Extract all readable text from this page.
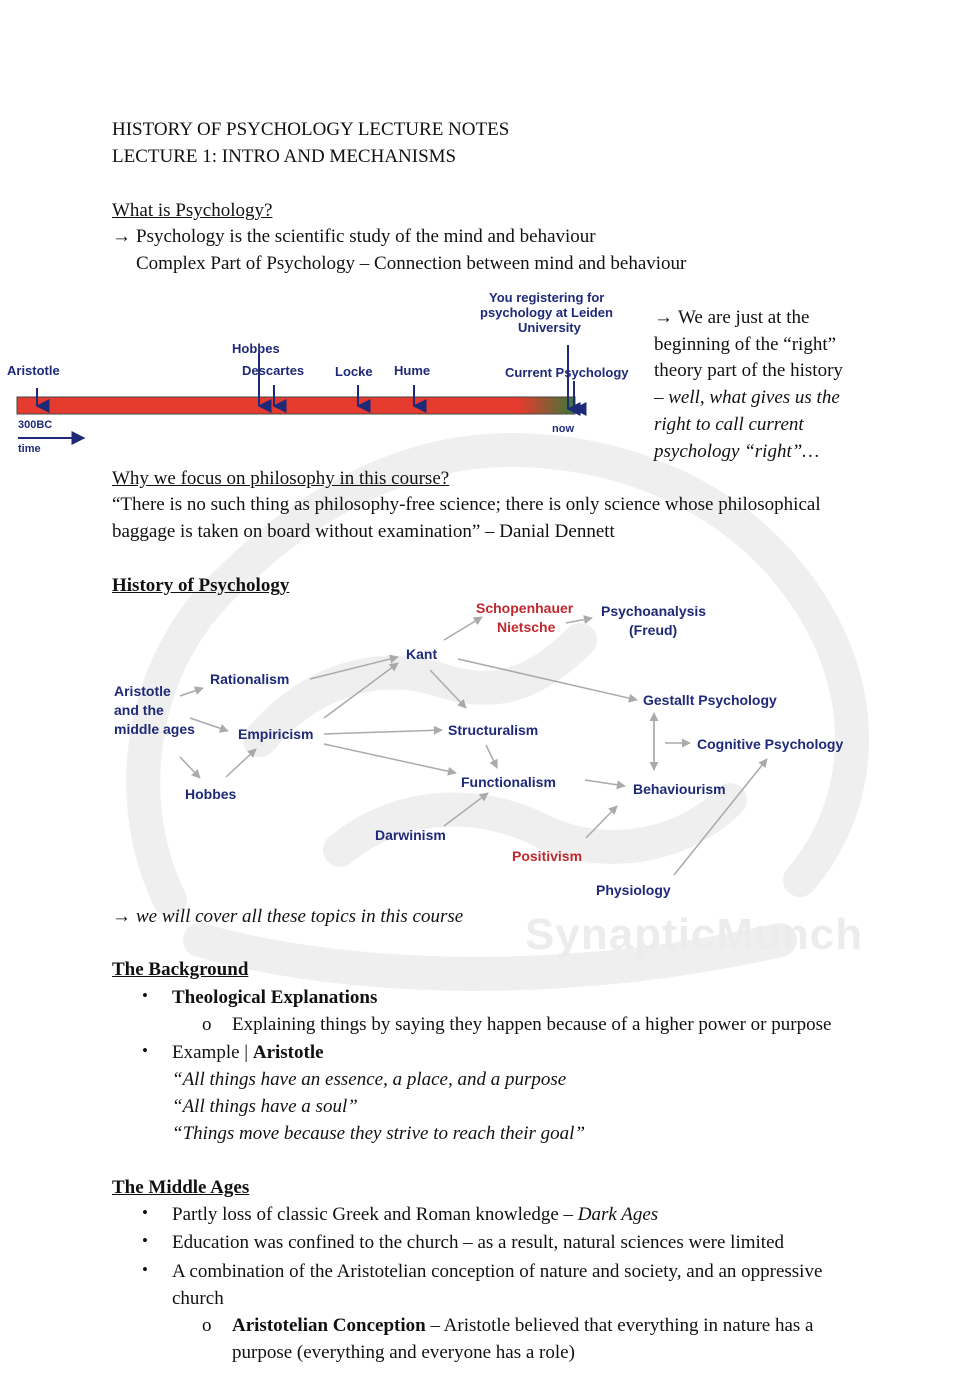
SynapticMunch
HISTORY OF PSYCHOLOGY LECTURE NOTES
LECTURE 1: INTRO AND MECHANISMS
What is Psychology?
→ Psychology is the scientific study of the mind and behaviour
Complex Part of Psychology – Connection between mind and behaviour
Aristotle
Hobbes
Descartes Locke Hume
You registering for
psychology at Leiden
University
Current Psychology
300BC	now
time
→ We are just at the
beginning of the “right”
theory part of the history
– well, what gives us the
right to call current
psychology “right”…
Why we focus on philosophy in this course?
“There is no such thing as philosophy-free science; there is only science whose philosophical
baggage is taken on board without examination” – Danial Dennett
History of Psychology
Aristotle
and the
middle ages
Rationalism
Empiricism
Hobbes
Kant
Schopenhauer
Nietsche
Psychoanalysis
(Freud)
Gestallt Psychology
Cognitive Psychology
Structuralism
Functionalism	Behaviourism
Darwinism
Positivism
Physiology
→ we will cover all these topics in this course
The Background
• Theological Explanations
o Explaining things by saying they happen because of a higher power or purpose
• Example | Aristotle
“All things have an essence, a place, and a purpose
“All things have a soul”
“Things move because they strive to reach their goal”
The Middle Ages
• Partly loss of classic Greek and Roman knowledge – Dark Ages
• Education was confined to the church – as a result, natural sciences were limited
• A combination of the Aristotelian conception of nature and society, and an oppressive
church
o Aristotelian Conception – Aristotle believed that everything in nature has a
purpose (everything and everyone has a role)
